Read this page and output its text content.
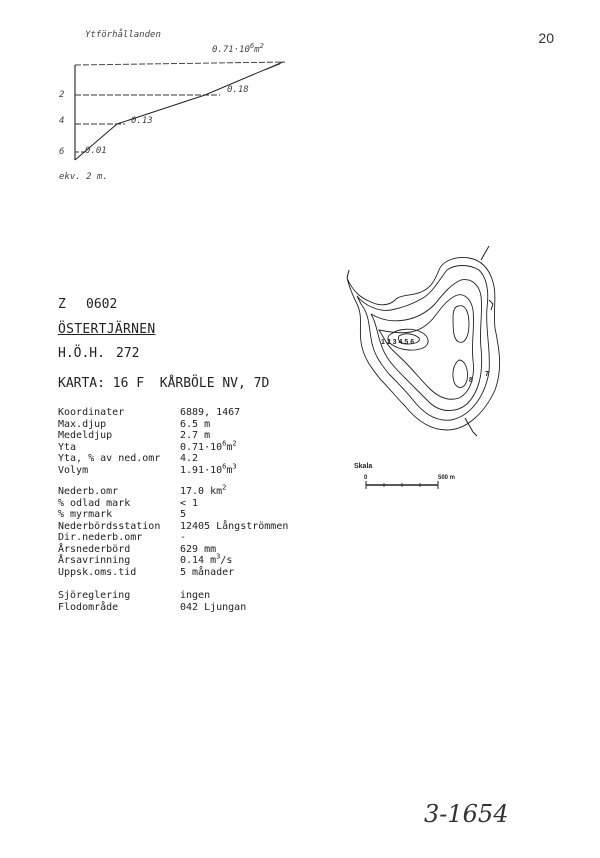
20
Ytförhållanden
$0.71\cdot 10^6m^2$
0.18
0.13
0.01
2
4
6
ekv. 2 m.
Z 0602
ÖSTERTJÄRNEN
H.Ö.H. 272
KARTA: 16 F  KÅRBÖLE NV, 7D
Koordinater	6889, 1467
Max.djup	6.5 m
Medeldjup	2.7 m
Yta	$0.71\cdot 10^6m^2$
Yta, % av ned.omr	4.2
Volym	$1.91\cdot 10^6m^3$
Nederb.omr	17.0 $km^2$
% odlad mark	< 1
% myrmark	5
Nederbördsstation	12405 Långströmmen
Dir.nederb.omr	-
Årsnederbörd	629 mm
Årsavrinning	0.14 $m^3/s$
Uppsk.oms.tid	5 månader
Sjöreglering	ingen
Flodområde	042 Ljungan
1 2 3 4 5 6
7
8
Skala
0	500 m
3-1654
